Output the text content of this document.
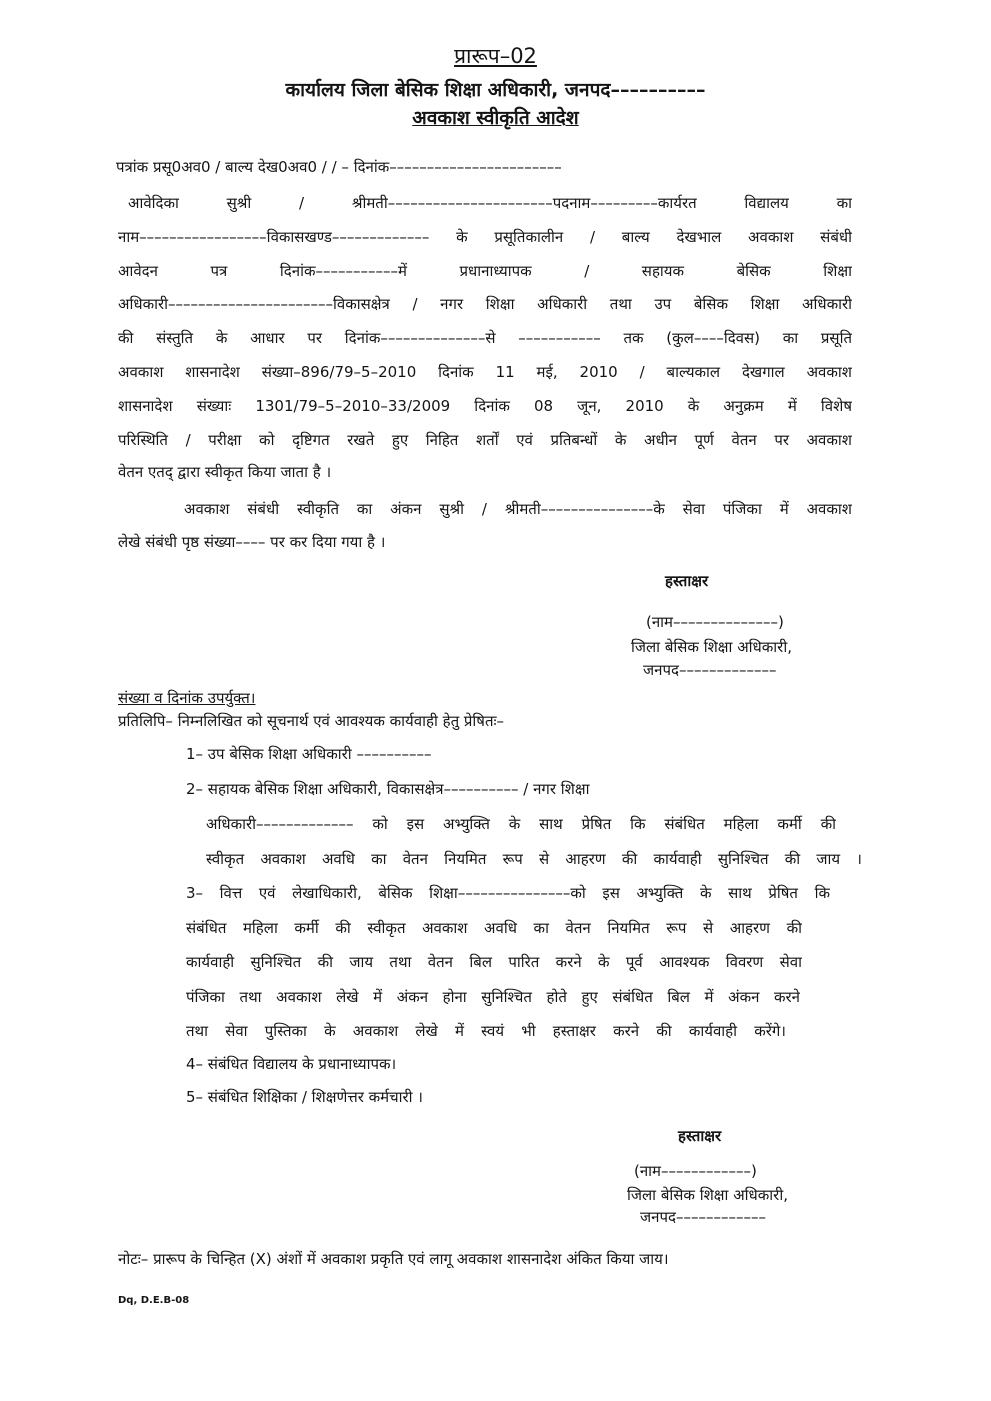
प्रारूप–02
कार्यालय जिला बेसिक शिक्षा अधिकारी, जनपद––––––––––
अवकाश स्वीकृति आदेश
पत्रांक प्रसू0अव0 / बाल्य देख0अव0 / / – दिनांक–––––––––––––––––––––––
आवेदिका सुश्री / श्रीमती––––––––––––––––––––––पदनाम–––––––––कार्यरत विद्यालय का
नाम–––––––––––––––––विकासखण्ड––––––––––––– के प्रसूतिकालीन / बाल्य देखभाल अवकाश संबंधी
आवेदन पत्र दिनांक–––––––––––में प्रधानाध्यापक / सहायक बेसिक शिक्षा
अधिकारी––––––––––––––––––––––विकासक्षेत्र / नगर शिक्षा अधिकारी तथा उप बेसिक शिक्षा अधिकारी
की संस्तुति के आधार पर दिनांक––––––––––––––से ––––––––––– तक (कुल––––दिवस) का प्रसूति
अवकाश शासनादेश संख्या–896/79–5–2010 दिनांक 11 मई, 2010 / बाल्यकाल देखगाल अवकाश
शासनादेश संख्याः 1301/79–5–2010–33/2009 दिनांक 08 जून, 2010 के अनुक्रम में विशेष
परिस्थिति / परीक्षा को दृष्टिगत रखते हुए निहित शर्तों एवं प्रतिबन्धों के अधीन पूर्ण वेतन पर अवकाश
वेतन एतद् द्वारा स्वीकृत किया जाता है ।
अवकाश संबंधी स्वीकृति का अंकन सुश्री / श्रीमती–––––––––––––––के सेवा पंजिका में अवकाश
लेखे संबंधी पृष्ठ संख्या–––– पर कर दिया गया है ।
हस्ताक्षर
(नाम––––––––––––––)
जिला बेसिक शिक्षा अधिकारी,
जनपद–––––––––––––
संख्या व दिनांक उपर्युक्त।
प्रतिलिपि– निम्नलिखित को सूचनार्थ एवं आवश्यक कार्यवाही हेतु प्रेषितः–
1– उप बेसिक शिक्षा अधिकारी ––––––––––
2– सहायक बेसिक शिक्षा अधिकारी, विकासक्षेत्र–––––––––– / नगर शिक्षा
अधिकारी––––––––––––– को इस अभ्युक्ति के साथ प्रेषित कि संबंधित महिला कर्मी की
स्वीकृत अवकाश अवधि का वेतन नियमित रूप से आहरण की कार्यवाही सुनिश्चित की जाय ।
3– वित्त एवं लेखाधिकारी, बेसिक शिक्षा–––––––––––––––को इस अभ्युक्ति के साथ प्रेषित कि
संबंधित महिला कर्मी की स्वीकृत अवकाश अवधि का वेतन नियमित रूप से आहरण की
कार्यवाही सुनिश्चित की जाय तथा वेतन बिल पारित करने के पूर्व आवश्यक विवरण सेवा
पंजिका तथा अवकाश लेखे में अंकन होना सुनिश्चित होते हुए संबंधित बिल में अंकन करने
तथा सेवा पुस्तिका के अवकाश लेखे में स्वयं भी हस्ताक्षर करने की कार्यवाही करेंगे।
4– संबंधित विद्यालय के प्रधानाध्यापक।
5– संबंधित शिक्षिका / शिक्षणेत्तर कर्मचारी ।
हस्ताक्षर
(नाम––––––––––––)
जिला बेसिक शिक्षा अधिकारी,
जनपद––––––––––––
नोटः– प्रारूप के चिन्हित (X) अंशों में अवकाश प्रकृति एवं लागू अवकाश शासनादेश अंकित किया जाय।
Dq, D.E.B-08
